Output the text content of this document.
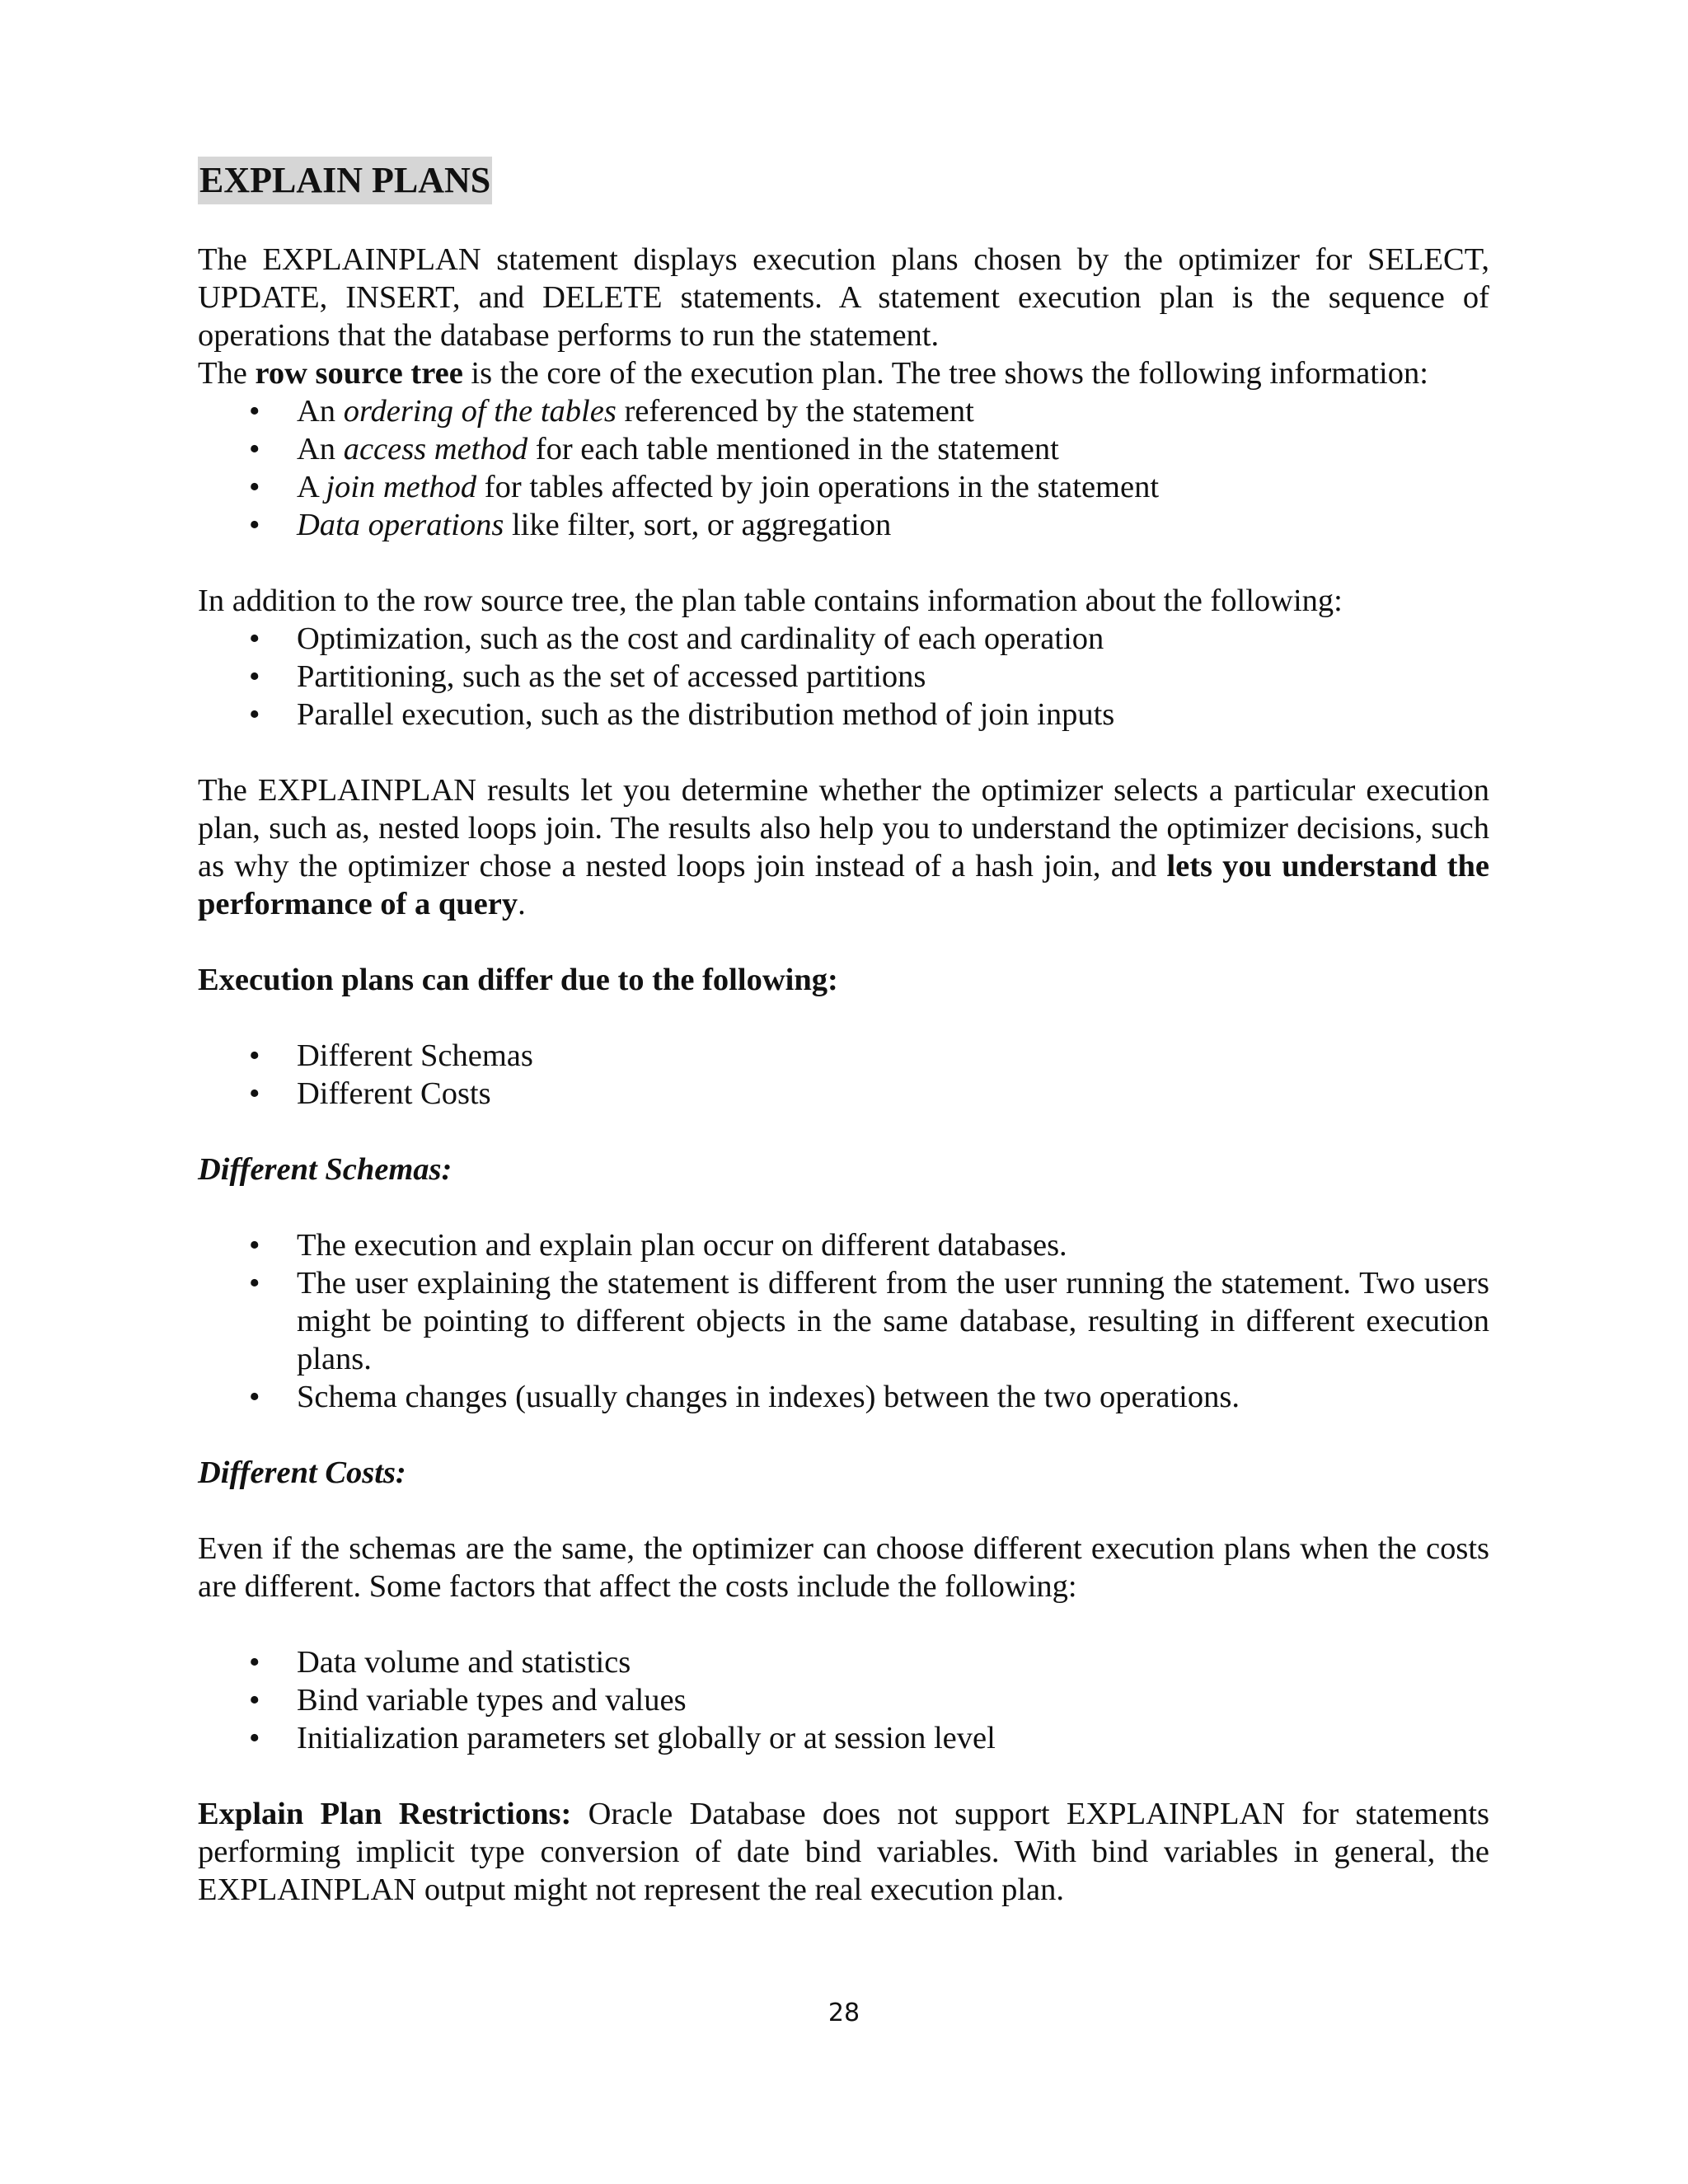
EXPLAIN PLANS

The EXPLAINPLAN statement displays execution plans chosen by the optimizer for SELECT, UPDATE, INSERT, and DELETE statements. A statement execution plan is the sequence of operations that the database performs to run the statement.

The row source tree is the core of the execution plan. The tree shows the following information:

• An ordering of the tables referenced by the statement
• An access method for each table mentioned in the statement
• A join method for tables affected by join operations in the statement
• Data operations like filter, sort, or aggregation

In addition to the row source tree, the plan table contains information about the following:

• Optimization, such as the cost and cardinality of each operation
• Partitioning, such as the set of accessed partitions
• Parallel execution, such as the distribution method of join inputs

The EXPLAINPLAN results let you determine whether the optimizer selects a particular execution plan, such as, nested loops join. The results also help you to understand the optimizer decisions, such as why the optimizer chose a nested loops join instead of a hash join, and lets you understand the performance of a query.

Execution plans can differ due to the following:

• Different Schemas
• Different Costs

Different Schemas:

• The execution and explain plan occur on different databases.
• The user explaining the statement is different from the user running the statement. Two users might be pointing to different objects in the same database, resulting in different execution plans.
• Schema changes (usually changes in indexes) between the two operations.

Different Costs:

Even if the schemas are the same, the optimizer can choose different execution plans when the costs are different. Some factors that affect the costs include the following:

• Data volume and statistics
• Bind variable types and values
• Initialization parameters set globally or at session level

Explain Plan Restrictions: Oracle Database does not support EXPLAINPLAN for statements performing implicit type conversion of date bind variables. With bind variables in general, the EXPLAINPLAN output might not represent the real execution plan.

28
